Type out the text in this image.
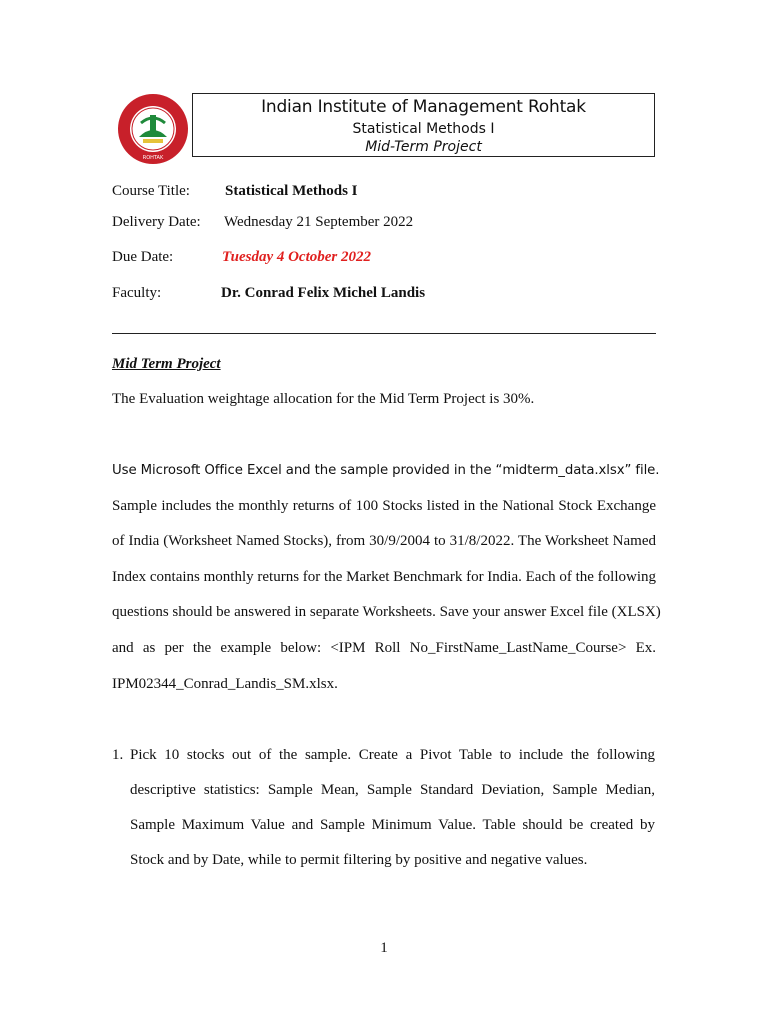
ROHTAK
Indian Institute of Management Rohtak
Statistical Methods I
Mid-Term Project
Course Title: Statistical Methods I
Delivery Date: Wednesday 21 September 2022
Due Date:	Tuesday 4 October 2022
Faculty:	Dr. Conrad Felix Michel Landis
Mid Term Project
The Evaluation weightage allocation for the Mid Term Project is 30%.
Use Microsoft Office Excel and the sample provided in the “midterm_data.xlsx” file.
Sample includes the monthly returns of 100 Stocks listed in the National Stock Exchange
of India (Worksheet Named Stocks), from 30/9/2004 to 31/8/2022. The Worksheet Named
Index contains monthly returns for the Market Benchmark for India. Each of the following
questions should be answered in separate Worksheets. Save your answer Excel file (XLSX)
and as per the example below: <IPM Roll No_FirstName_LastName_Course> Ex.
IPM02344_Conrad_Landis_SM.xlsx.
1. Pick 10 stocks out of the sample. Create a Pivot Table to include the following
descriptive statistics: Sample Mean, Sample Standard Deviation, Sample Median,
Sample Maximum Value and Sample Minimum Value. Table should be created by
Stock and by Date, while to permit filtering by positive and negative values.
1
